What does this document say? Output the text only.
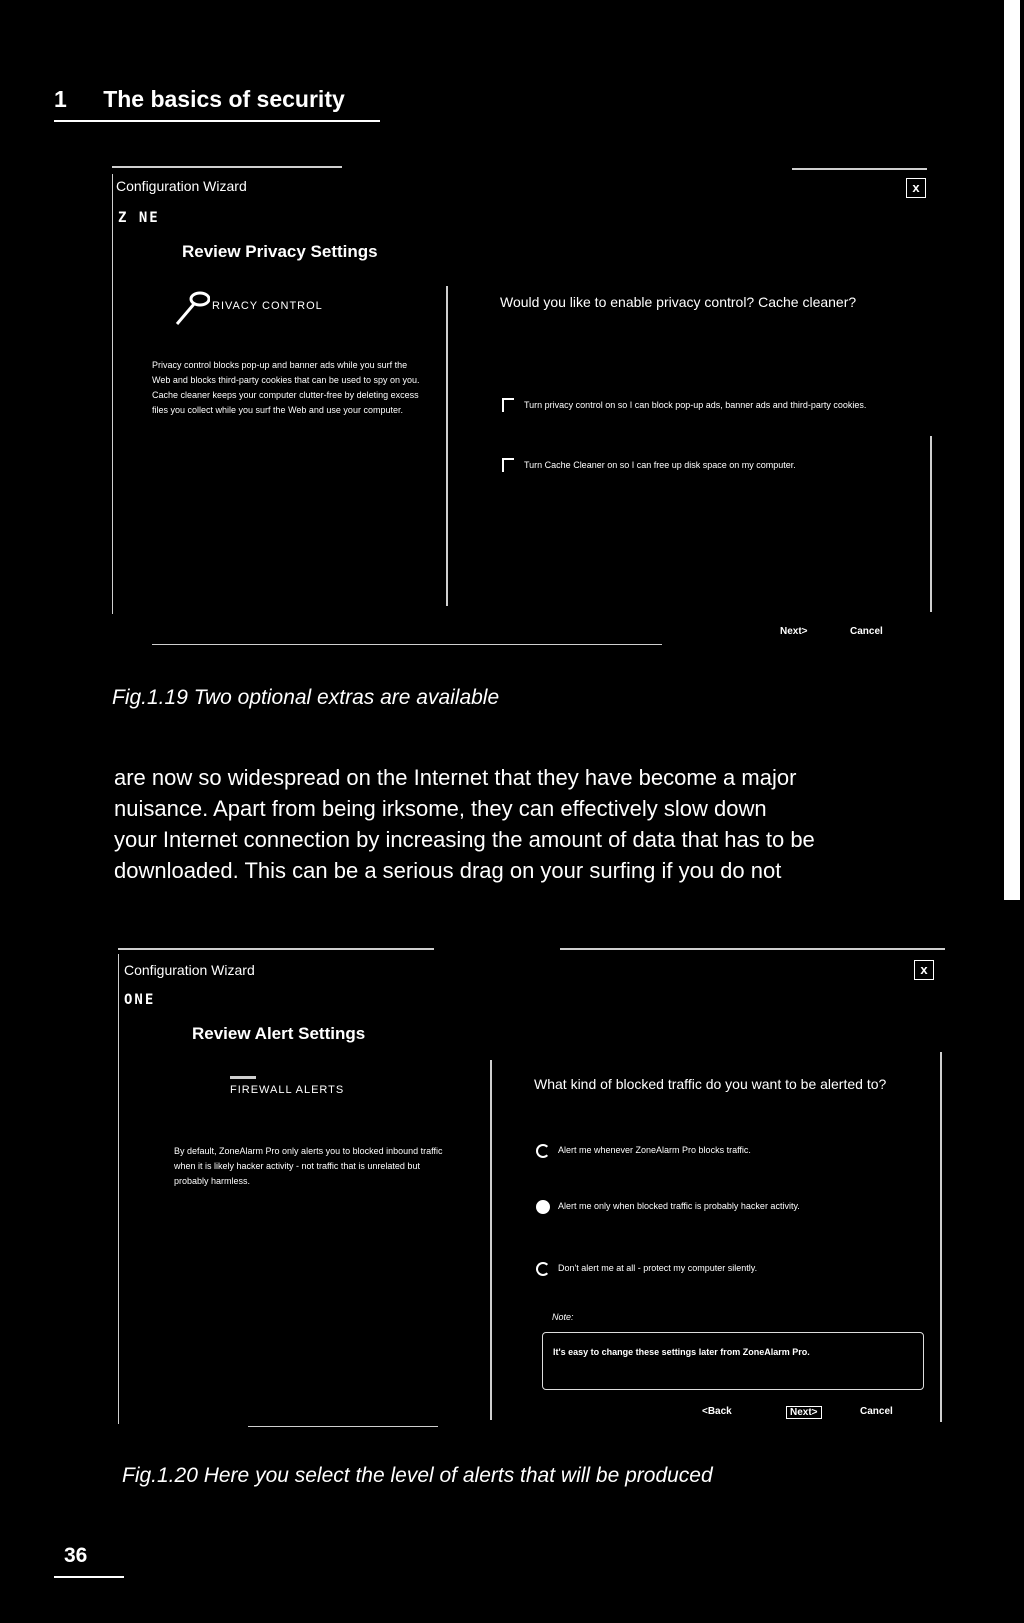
1 The basics of security
Configuration Wizard	x
Z NE
Review Privacy Settings
RIVACY CONTROL
Privacy control blocks pop-up and banner ads while you surf the Web and blocks third-party cookies that can be used to spy on you. Cache cleaner keeps your computer clutter-free by deleting excess files you collect while you surf the Web and use your computer.
Would you like to enable privacy control? Cache cleaner?
Turn privacy control on so I can block pop-up ads, banner ads and third-party cookies.
Turn Cache Cleaner on so I can free up disk space on my computer.
Next>	Cancel
Fig.1.19 Two optional extras are available
are now so widespread on the Internet that they have become a major
nuisance. Apart from being irksome, they can effectively slow down
your Internet connection by increasing the amount of data that has to be
downloaded. This can be a serious drag on your surfing if you do not
Configuration Wizard	x
ONE
Review Alert Settings
FIREWALL ALERTS
By default, ZoneAlarm Pro only alerts you to blocked inbound traffic when it is likely hacker activity - not traffic that is unrelated but probably harmless.
What kind of blocked traffic do you want to be alerted to?
Alert me whenever ZoneAlarm Pro blocks traffic.
Alert me only when blocked traffic is probably hacker activity.
Don't alert me at all - protect my computer silently.
Note:
It's easy to change these settings later from ZoneAlarm Pro.
<Back	Next>	Cancel
Fig.1.20 Here you select the level of alerts that will be produced
36
